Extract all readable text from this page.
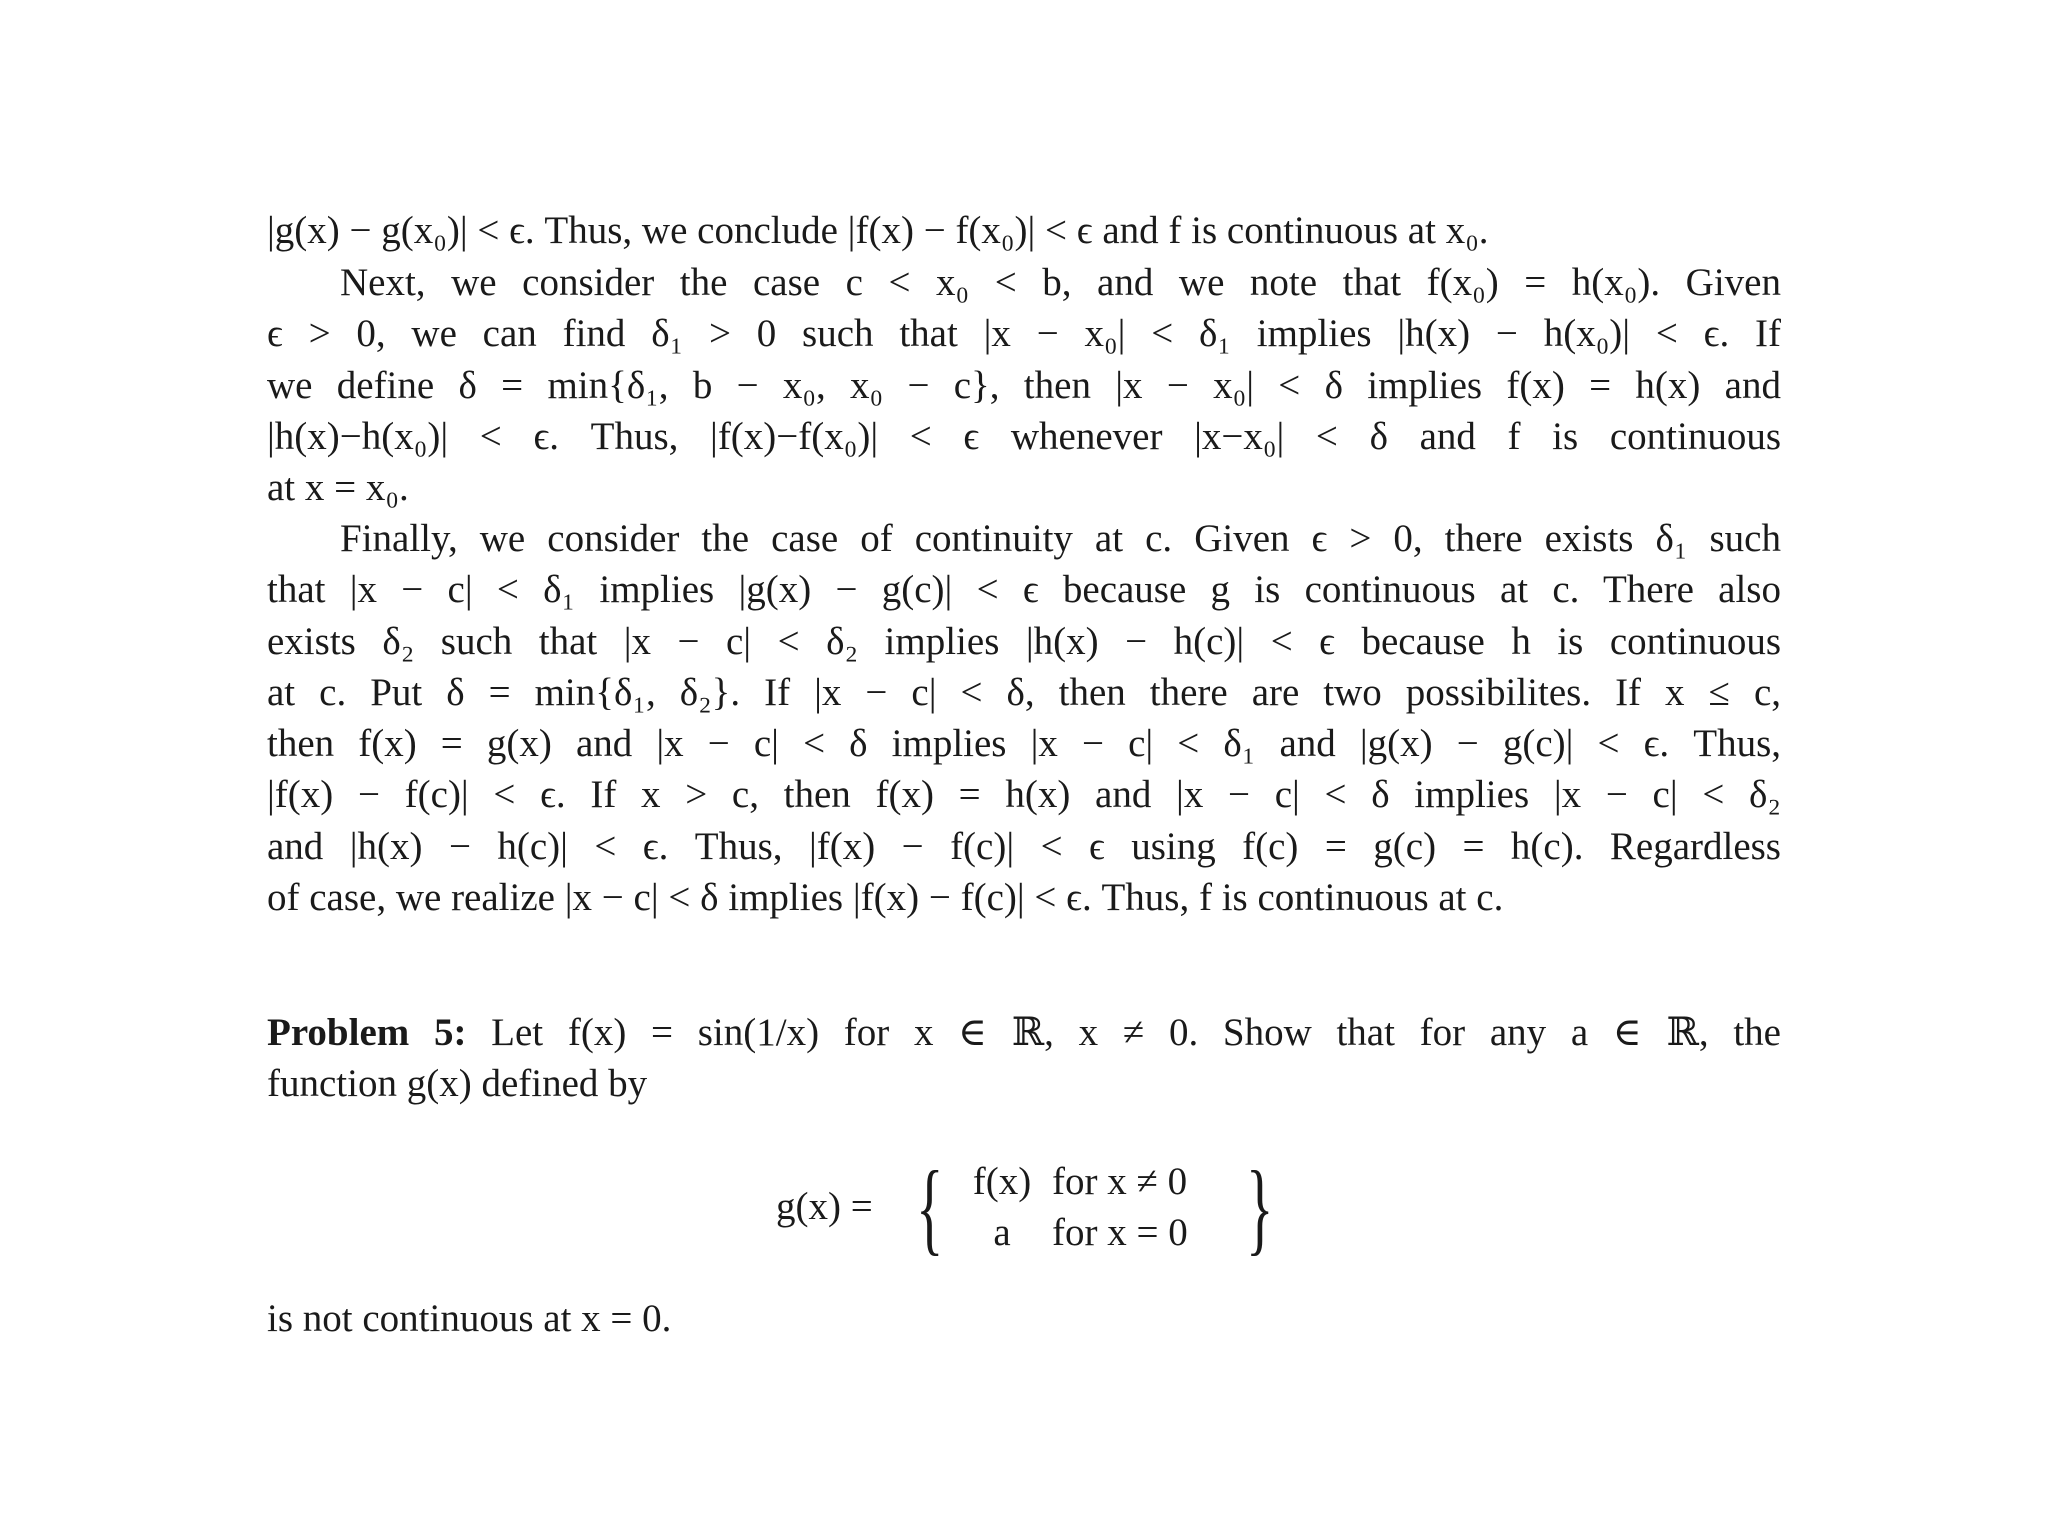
|g(x) − g(x₀)| < ϵ. Thus, we conclude |f(x) − f(x₀)| < ϵ and f is continuous at x₀.

Next, we consider the case c < x₀ < b, and we note that f(x₀) = h(x₀). Given
ϵ > 0, we can find δ₁ > 0 such that |x − x₀| < δ₁ implies |h(x) − h(x₀)| < ϵ. If
we define δ = min{δ₁, b − x₀, x₀ − c}, then |x − x₀| < δ implies f(x) = h(x) and
|h(x)−h(x₀)| < ϵ. Thus, |f(x)−f(x₀)| < ϵ whenever |x−x₀| < δ and f is continuous
at x = x₀.

Finally, we consider the case of continuity at c. Given ϵ > 0, there exists δ₁ such
that |x − c| < δ₁ implies |g(x) − g(c)| < ϵ because g is continuous at c. There also
exists δ₂ such that |x − c| < δ₂ implies |h(x) − h(c)| < ϵ because h is continuous
at c. Put δ = min{δ₁, δ₂}. If |x − c| < δ, then there are two possibilites. If x ≤ c,
then f(x) = g(x) and |x − c| < δ implies |x − c| < δ₁ and |g(x) − g(c)| < ϵ. Thus,
|f(x) − f(c)| < ϵ. If x > c, then f(x) = h(x) and |x − c| < δ implies |x − c| < δ₂
and |h(x) − h(c)| < ϵ. Thus, |f(x) − f(c)| < ϵ using f(c) = g(c) = h(c). Regardless
of case, we realize |x − c| < δ implies |f(x) − f(c)| < ϵ. Thus, f is continuous at c.

Problem 5: Let f(x) = sin(1/x) for x ∈ ℝ, x ≠ 0. Show that for any a ∈ ℝ, the
function g(x) defined by

g(x) = { f(x) for x ≠ 0
a for x = 0 }

is not continuous at x = 0.
